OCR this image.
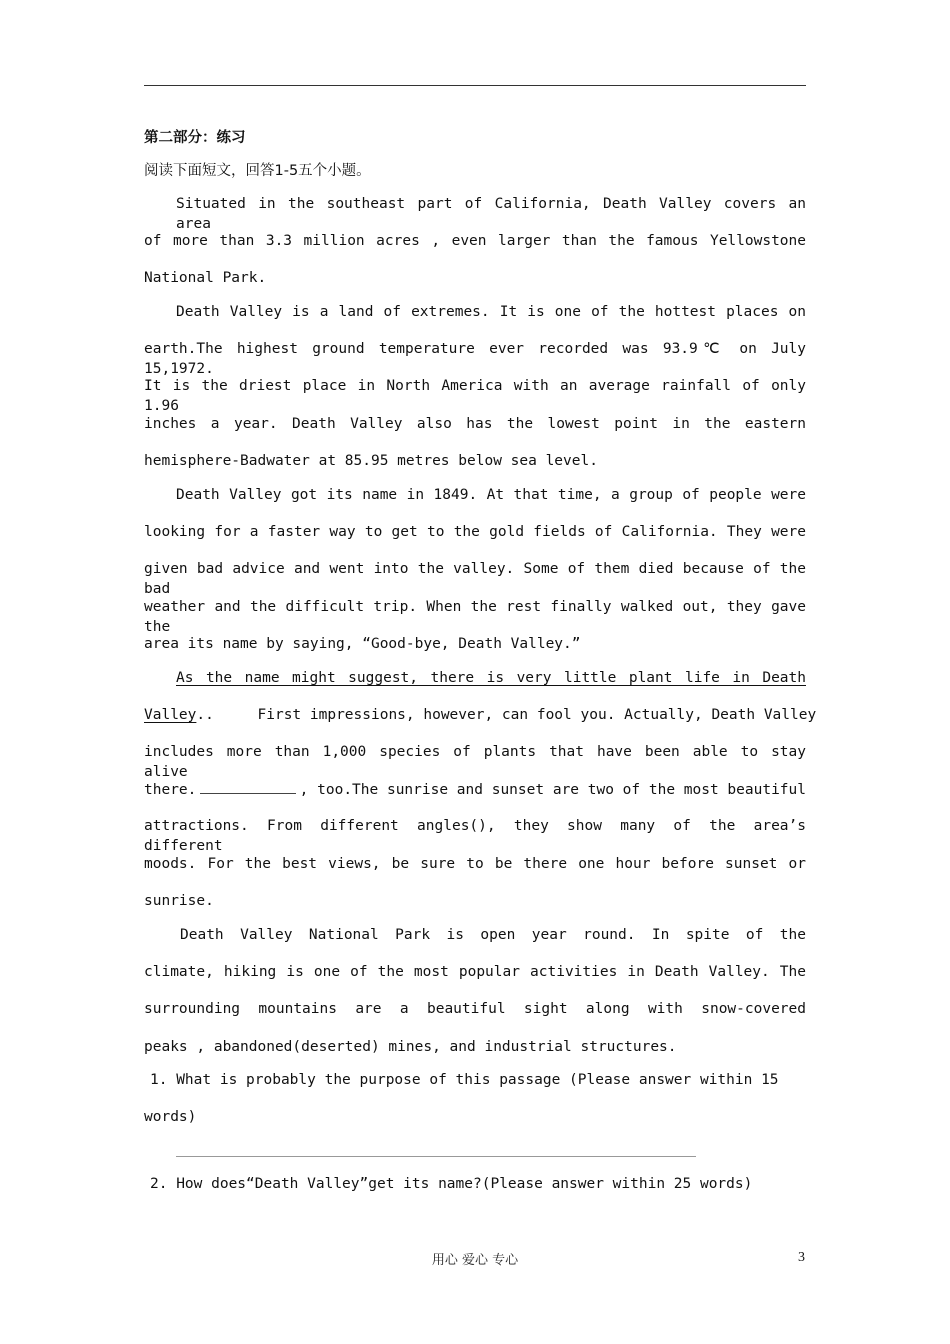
第二部分：练习
阅读下面短文，回答1-5五个小题。
Situated in the southeast part of California, Death Valley covers an area
of more than 3.3 million acres , even larger than the famous Yellowstone
National Park.
Death Valley is a land of extremes. It is one of the hottest places on
earth.The highest ground temperature ever recorded was 93.9℃ on July 15,1972.
It is the driest place in North America with an average rainfall of only 1.96
inches a year. Death Valley also has the lowest point in the eastern
hemisphere-Badwater at 85.95 metres below sea level.
Death Valley got its name in 1849. At that time, a group of people were
looking for a faster way to get to the gold fields of California. They were
given bad advice and went into the valley. Some of them died because of the bad
weather and the difficult trip. When the rest finally walked out, they gave the
area its name by saying, “Good-bye, Death Valley.”
As the name might suggest, there is very little plant life in Death
Valley ..     First impressions, however, can fool you. Actually, Death Valley
includes more than 1,000 species of plants that have been able to stay alive
there.	, too.The sunrise and sunset are two of the most beautiful
attractions. From different angles(), they show many of the area’s different
moods. For the best views, be sure to be there one hour before sunset or
sunrise.
Death Valley National Park is open year round. In spite of the
climate, hiking is one of the most popular activities in Death Valley. The
surrounding mountains are a beautiful sight along with snow-covered
peaks , abandoned(deserted) mines, and industrial structures.
1. What is probably the purpose of this passage (Please answer within 15
words)
2. How does“Death Valley”get its name?(Please answer within 25 words)
用心 爱心 专心	3
